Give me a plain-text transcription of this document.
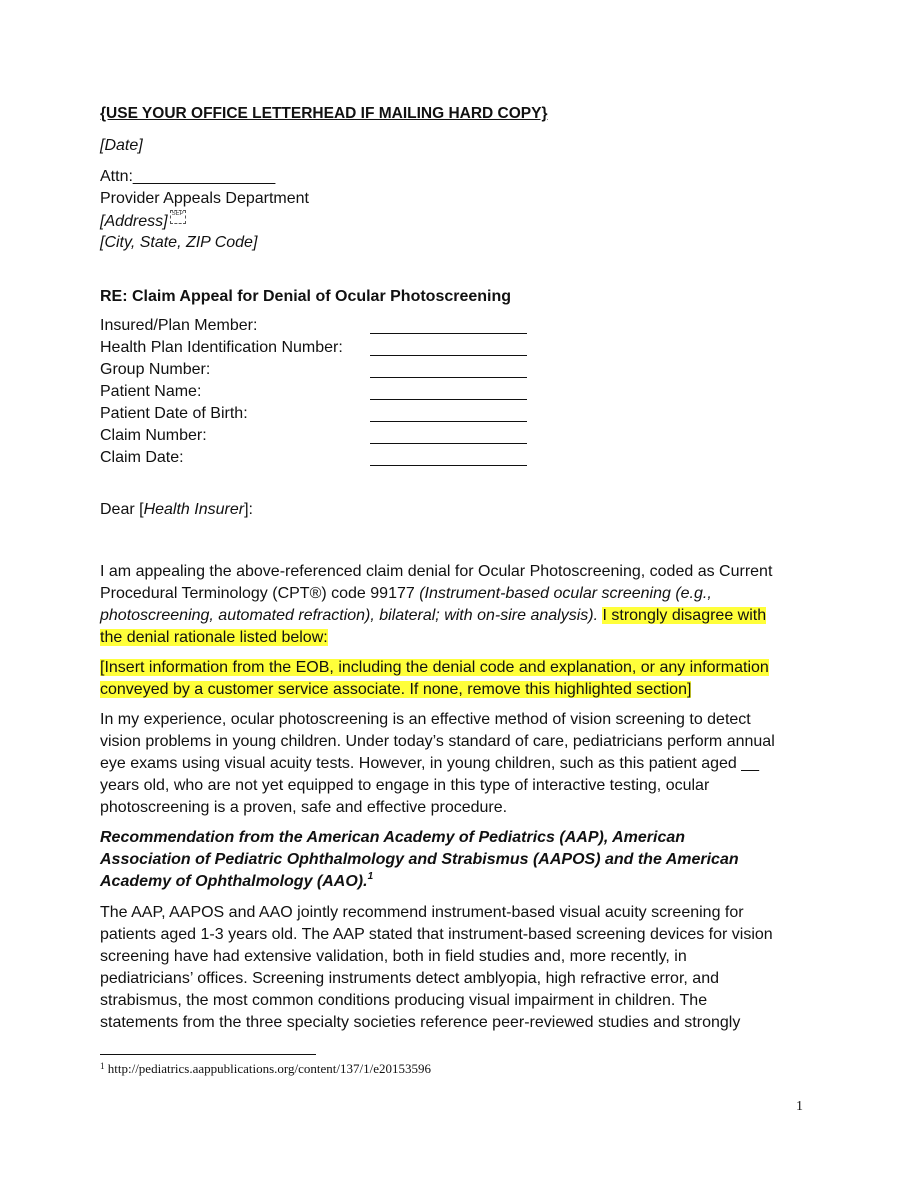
{USE YOUR OFFICE LETTERHEAD IF MAILING HARD COPY}
[Date]
Attn:________________
Provider Appeals Department
[Address] SEP
[City, State, ZIP Code]
RE: Claim Appeal for Denial of Ocular Photoscreening
Insured/Plan Member:
Health Plan Identification Number:
Group Number:
Patient Name:
Patient Date of Birth:
Claim Number:
Claim Date:
Dear [Health Insurer]:
I am appealing the above-referenced claim denial for Ocular Photoscreening, coded as Current
Procedural Terminology (CPT®) code 99177 (Instrument-based ocular screening (e.g.,
photoscreening, automated refraction), bilateral; with on-sire analysis). I strongly disagree with
the denial rationale listed below:
[Insert information from the EOB, including the denial code and explanation, or any information
conveyed by a customer service associate. If none, remove this highlighted section]
In my experience, ocular photoscreening is an effective method of vision screening to detect
vision problems in young children. Under today’s standard of care, pediatricians perform annual
eye exams using visual acuity tests. However, in young children, such as this patient aged __
years old, who are not yet equipped to engage in this type of interactive testing, ocular
photoscreening is a proven, safe and effective procedure.
Recommendation from the American Academy of Pediatrics (AAP), American
Association of Pediatric Ophthalmology and Strabismus (AAPOS) and the American
Academy of Ophthalmology (AAO).$^1$
The AAP, AAPOS and AAO jointly recommend instrument-based visual acuity screening for
patients aged 1-3 years old. The AAP stated that instrument-based screening devices for vision
screening have had extensive validation, both in field studies and, more recently, in
pediatricians’ offices. Screening instruments detect amblyopia, high refractive error, and
strabismus, the most common conditions producing visual impairment in children. The
statements from the three specialty societies reference peer-reviewed studies and strongly
$^1$ http://pediatrics.aappublications.org/content/137/1/e20153596
1
